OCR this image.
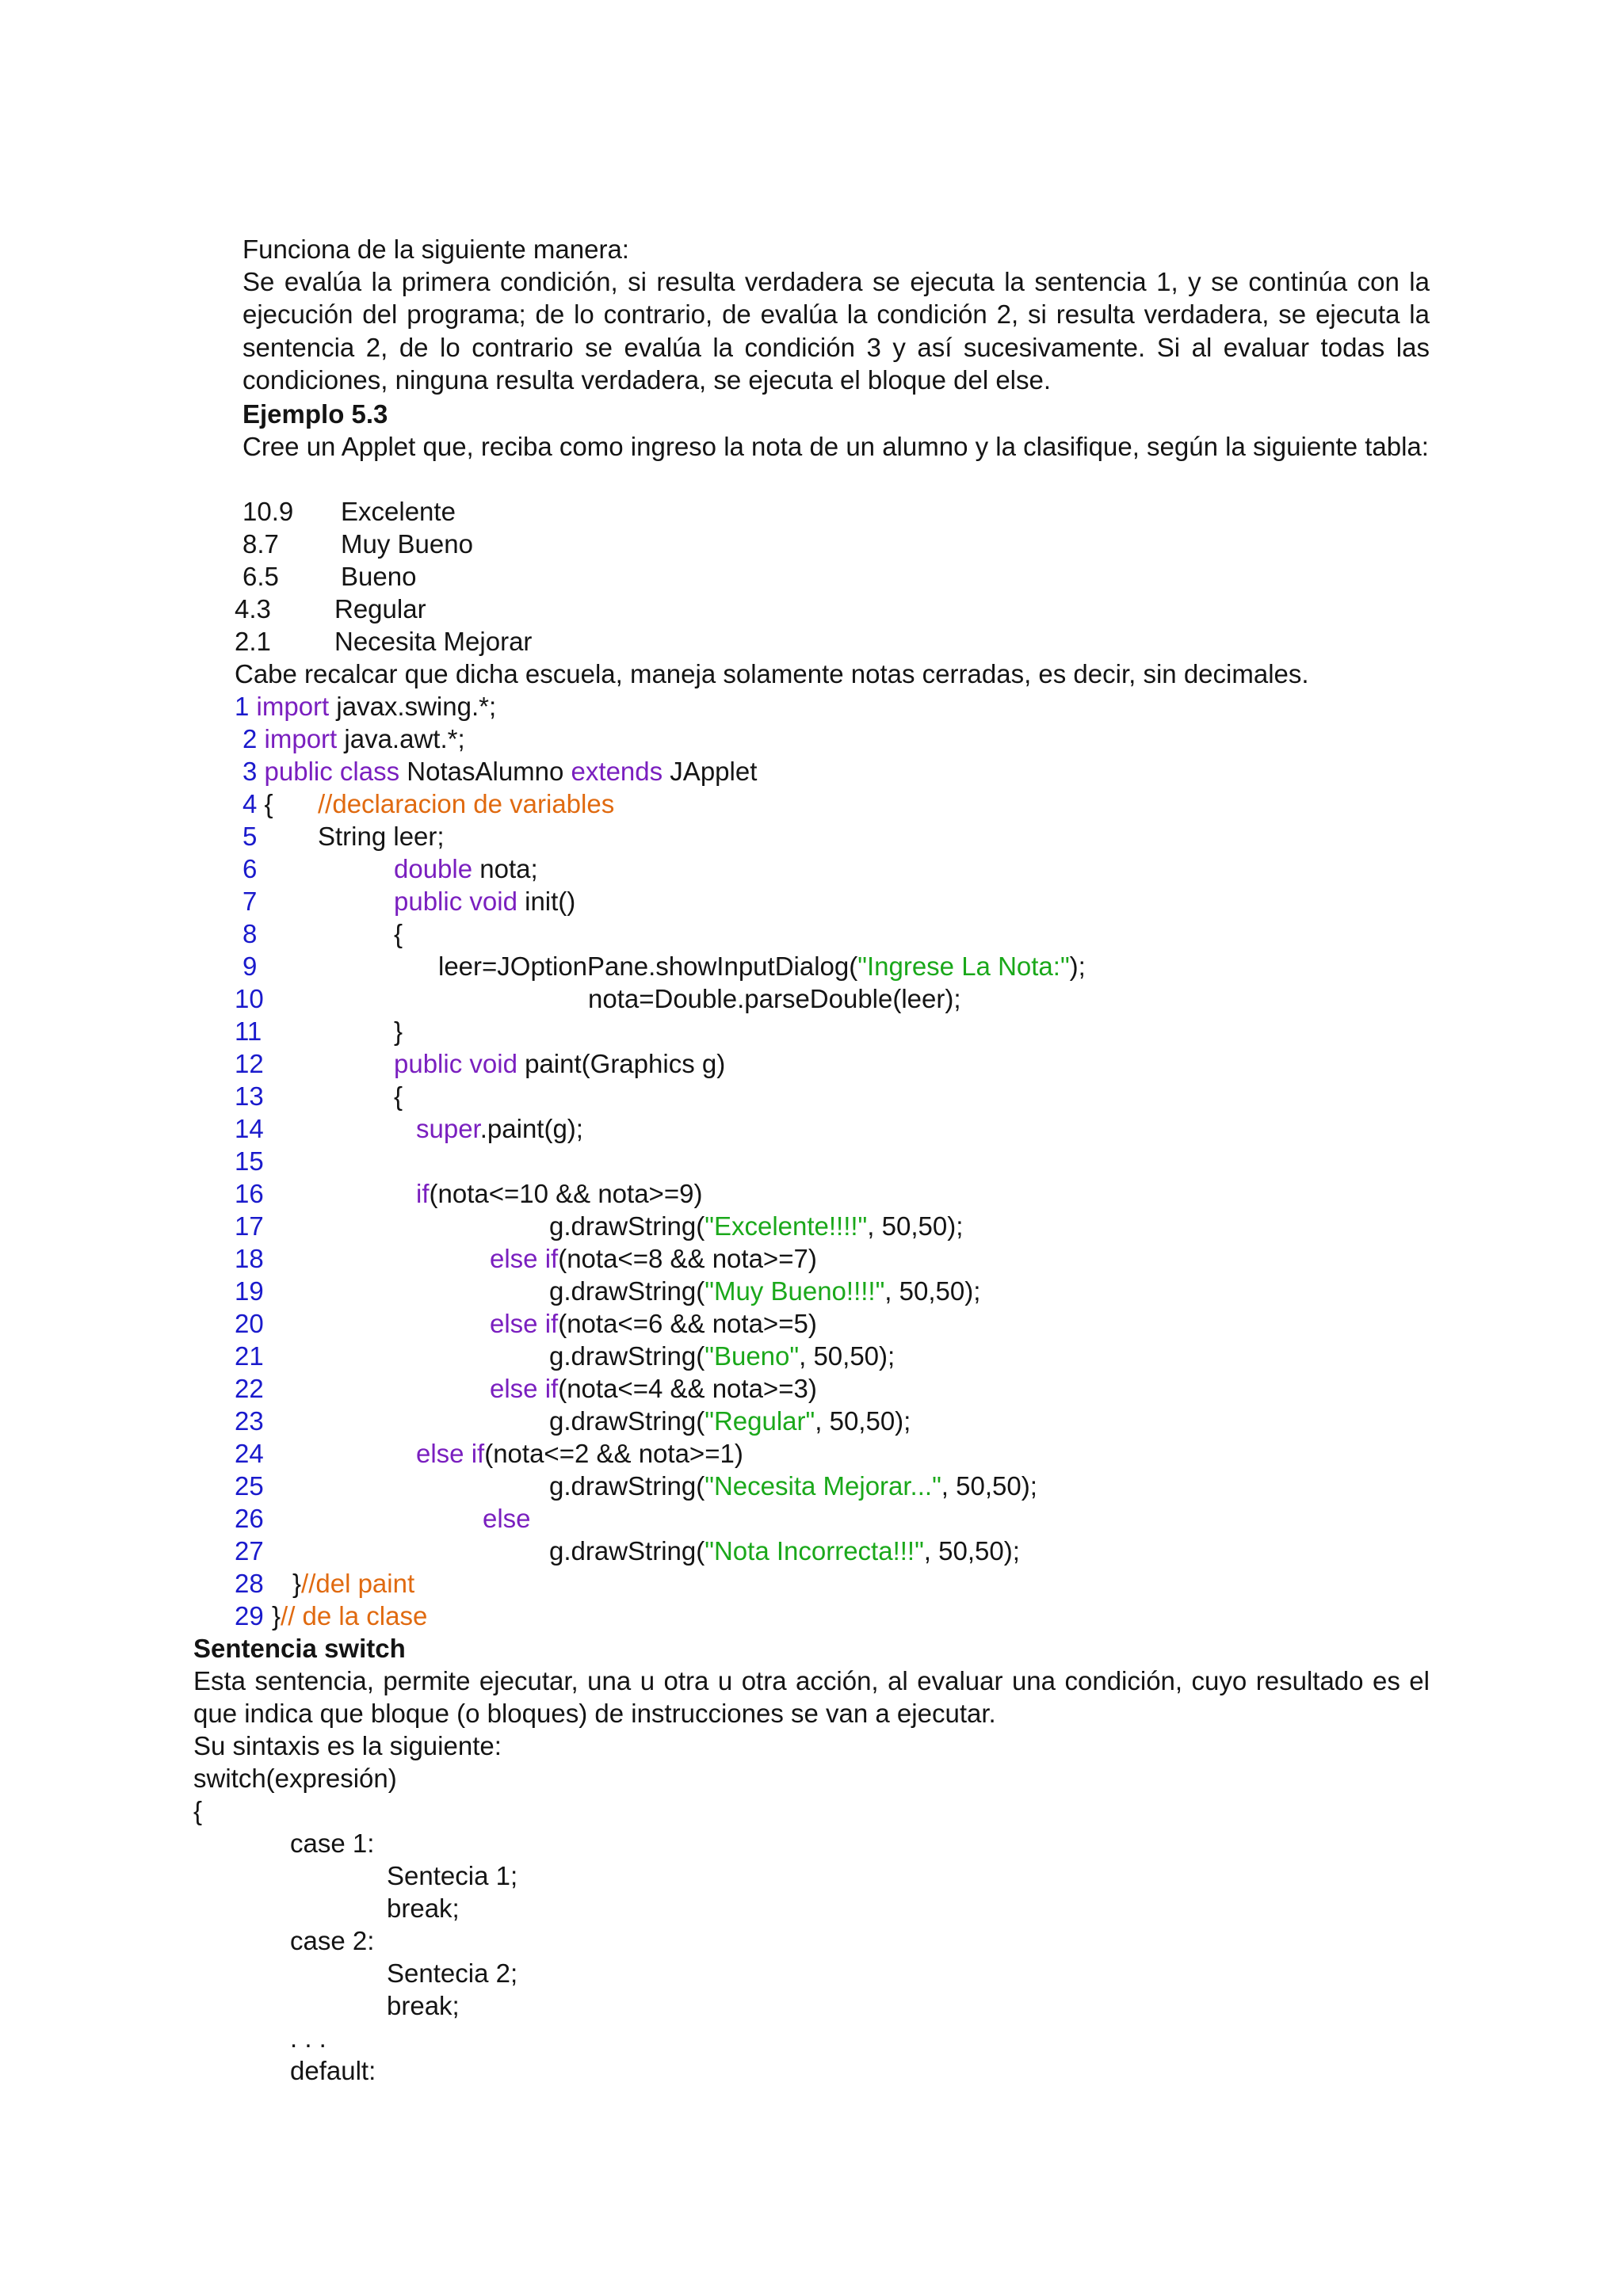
Funciona de la siguiente manera:

Se evalúa la primera condición, si resulta verdadera se ejecuta la sentencia 1, y se continúa con la ejecución del programa; de lo contrario, de evalúa la condición 2, si resulta verdadera, se ejecuta la sentencia 2, de lo contrario se evalúa la condición 3 y así sucesivamente. Si al evaluar todas las condiciones, ninguna resulta verdadera, se ejecuta el bloque del else.

Ejemplo 5.3

Cree un Applet que, reciba como ingreso la nota de un alumno y la clasifique, según la siguiente tabla:

10.9 Excelente

8.7 Muy Bueno

6.5 Bueno

4.3 Regular

2.1 Necesita Mejorar

Cabe recalcar que dicha escuela, maneja solamente notas cerradas, es decir, sin decimales.

1 import javax.swing.*;

2 import java.awt.*;

3 public class NotasAlumno extends JApplet

4 { //declaracion de variables

5 String leer;

6	double nota;

7	public void init()

8	{

9	leer=JOptionPane.showInputDialog("Ingrese La Nota:");

10	nota=Double.parseDouble(leer);

11	}

12	public void paint(Graphics g)

13	{

14	super.paint(g);

15

16	if(nota<=10 && nota>=9)

17	g.drawString("Excelente!!!!", 50,50);

18	else if(nota<=8 && nota>=7)

19	g.drawString("Muy Bueno!!!!", 50,50);

20	else if(nota<=6 && nota>=5)

21	g.drawString("Bueno", 50,50);

22	else if(nota<=4 && nota>=3)

23	g.drawString("Regular", 50,50);

24	else if(nota<=2 && nota>=1)

25	g.drawString("Necesita Mejorar...", 50,50);

26	else

27	g.drawString("Nota Incorrecta!!!", 50,50);

28 }//del paint

29 }// de la clase

Sentencia switch

Esta sentencia, permite ejecutar, una u otra u otra acción, al evaluar una condición, cuyo resultado es el que indica que bloque (o bloques) de instrucciones se van a ejecutar.

Su sintaxis es la siguiente:

switch(expresión)

{

case 1:

Sentecia 1;

break;

case 2:

Sentecia 2;

break;

. . .

default:
